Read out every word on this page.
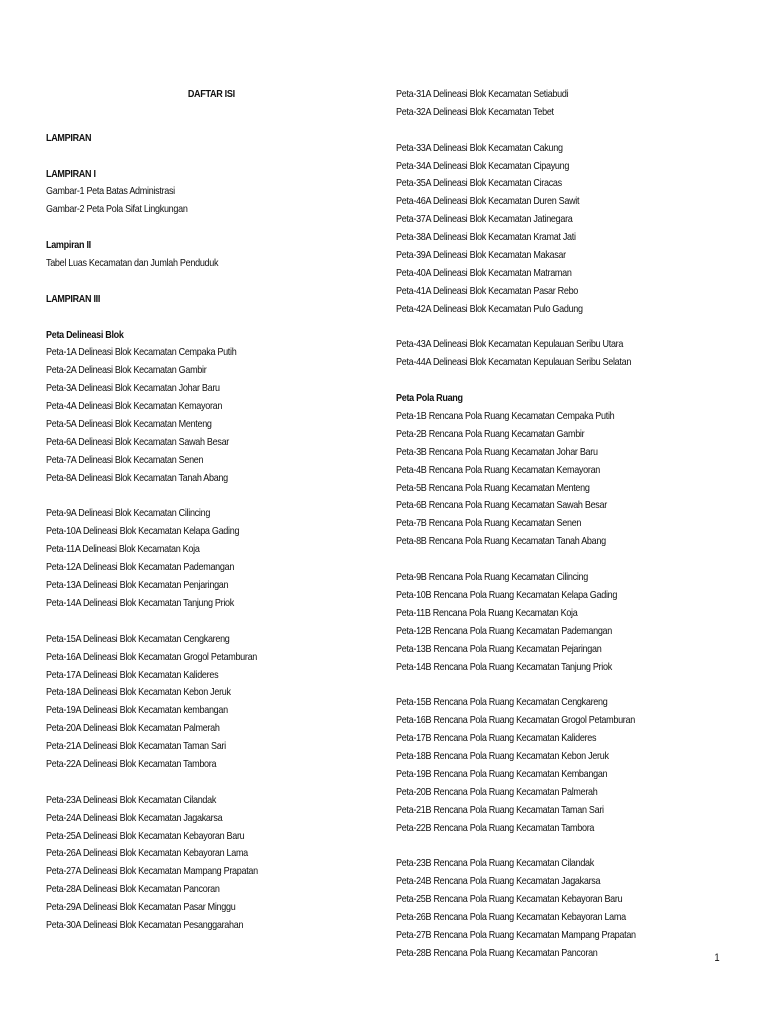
DAFTAR ISI
LAMPIRAN
LAMPIRAN I
Gambar-1 Peta Batas Administrasi
Gambar-2 Peta Pola Sifat Lingkungan
Lampiran II
Tabel Luas Kecamatan dan Jumlah Penduduk
LAMPIRAN III
Peta Delineasi Blok
Peta-1A Delineasi Blok Kecamatan Cempaka Putih
Peta-2A Delineasi Blok Kecamatan Gambir
Peta-3A Delineasi Blok Kecamatan Johar Baru
Peta-4A Delineasi Blok Kecamatan Kemayoran
Peta-5A Delineasi Blok Kecamatan Menteng
Peta-6A Delineasi Blok Kecamatan Sawah Besar
Peta-7A Delineasi Blok Kecamatan Senen
Peta-8A Delineasi Blok Kecamatan Tanah Abang
Peta-9A Delineasi Blok Kecamatan Cilincing
Peta-10A Delineasi Blok Kecamatan Kelapa Gading
Peta-11A Delineasi Blok Kecamatan Koja
Peta-12A Delineasi Blok Kecamatan Pademangan
Peta-13A Delineasi Blok Kecamatan Penjaringan
Peta-14A Delineasi Blok Kecamatan Tanjung Priok
Peta-15A Delineasi Blok Kecamatan Cengkareng
Peta-16A Delineasi Blok Kecamatan Grogol Petamburan
Peta-17A Delineasi Blok Kecamatan Kalideres
Peta-18A Delineasi Blok Kecamatan Kebon Jeruk
Peta-19A Delineasi Blok Kecamatan kembangan
Peta-20A Delineasi Blok Kecamatan Palmerah
Peta-21A Delineasi Blok Kecamatan Taman Sari
Peta-22A Delineasi Blok Kecamatan Tambora
Peta-23A Delineasi Blok Kecamatan Cilandak
Peta-24A Delineasi Blok Kecamatan Jagakarsa
Peta-25A Delineasi Blok Kecamatan Kebayoran Baru
Peta-26A Delineasi Blok Kecamatan Kebayoran Lama
Peta-27A Delineasi Blok Kecamatan Mampang Prapatan
Peta-28A Delineasi Blok Kecamatan Pancoran
Peta-29A Delineasi Blok Kecamatan Pasar Minggu
Peta-30A Delineasi Blok Kecamatan Pesanggarahan
Peta-31A Delineasi Blok Kecamatan Setiabudi
Peta-32A Delineasi Blok Kecamatan Tebet
Peta-33A Delineasi Blok Kecamatan Cakung
Peta-34A Delineasi Blok Kecamatan Cipayung
Peta-35A Delineasi Blok Kecamatan Ciracas
Peta-46A Delineasi Blok Kecamatan Duren Sawit
Peta-37A Delineasi Blok Kecamatan Jatinegara
Peta-38A Delineasi Blok Kecamatan Kramat Jati
Peta-39A Delineasi Blok Kecamatan Makasar
Peta-40A Delineasi Blok Kecamatan Matraman
Peta-41A Delineasi Blok Kecamatan Pasar Rebo
Peta-42A Delineasi Blok Kecamatan Pulo Gadung
Peta-43A Delineasi Blok Kecamatan Kepulauan Seribu Utara
Peta-44A Delineasi Blok Kecamatan Kepulauan Seribu Selatan
Peta Pola Ruang
Peta-1B Rencana Pola Ruang Kecamatan Cempaka Putih
Peta-2B Rencana Pola Ruang Kecamatan Gambir
Peta-3B Rencana Pola Ruang Kecamatan Johar Baru
Peta-4B Rencana Pola Ruang Kecamatan Kemayoran
Peta-5B Rencana Pola Ruang Kecamatan Menteng
Peta-6B Rencana Pola Ruang Kecamatan Sawah Besar
Peta-7B Rencana Pola Ruang Kecamatan Senen
Peta-8B Rencana Pola Ruang Kecamatan Tanah Abang
Peta-9B Rencana Pola Ruang Kecamatan Cilincing
Peta-10B Rencana Pola Ruang Kecamatan Kelapa Gading
Peta-11B Rencana Pola Ruang Kecamatan Koja
Peta-12B Rencana Pola Ruang Kecamatan Pademangan
Peta-13B Rencana Pola Ruang Kecamatan Pejaringan
Peta-14B Rencana Pola Ruang Kecamatan Tanjung Priok
Peta-15B Rencana Pola Ruang Kecamatan Cengkareng
Peta-16B Rencana Pola Ruang Kecamatan Grogol Petamburan
Peta-17B Rencana Pola Ruang Kecamatan Kalideres
Peta-18B Rencana Pola Ruang Kecamatan Kebon Jeruk
Peta-19B Rencana Pola Ruang Kecamatan Kembangan
Peta-20B Rencana Pola Ruang Kecamatan Palmerah
Peta-21B Rencana Pola Ruang Kecamatan Taman Sari
Peta-22B Rencana Pola Ruang Kecamatan Tambora
Peta-23B Rencana Pola Ruang Kecamatan Cilandak
Peta-24B Rencana Pola Ruang Kecamatan Jagakarsa
Peta-25B Rencana Pola Ruang Kecamatan Kebayoran Baru
Peta-26B Rencana Pola Ruang Kecamatan Kebayoran Lama
Peta-27B Rencana Pola Ruang Kecamatan Mampang Prapatan
Peta-28B Rencana Pola Ruang Kecamatan Pancoran	1
